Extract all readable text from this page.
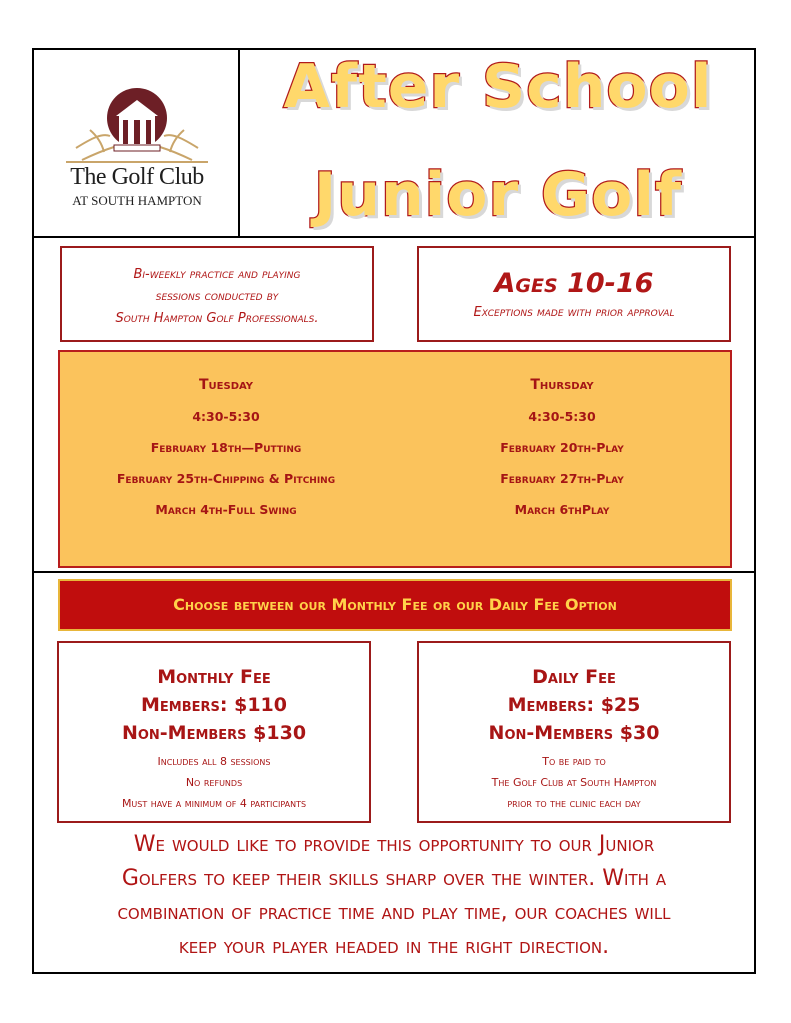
The Golf Club
AT SOUTH HAMPTON
After School
Junior Golf
Bi-weekly practice and playing
sessions conducted by
South Hampton Golf Professionals.
Ages 10-16
Exceptions made with prior approval
Tuesday
4:30-5:30
February 18th—Putting
February 25th-Chipping & Pitching
March 4th-Full Swing
Thursday
4:30-5:30
February 20th-Play
February 27th-Play
March 6thPlay
Choose between our Monthly Fee or our Daily Fee Option
Monthly Fee
Members: $110
Non-Members $130
Includes all 8 sessions
No refunds
Must have a minimum of 4 participants
Daily Fee
Members: $25
Non-Members $30
To be paid to
The Golf Club at South Hampton
prior to the clinic each day
We would like to provide this opportunity to our Junior
Golfers to keep their skills sharp over the winter. With a
combination of practice time and play time, our coaches will
keep your player headed in the right direction.
